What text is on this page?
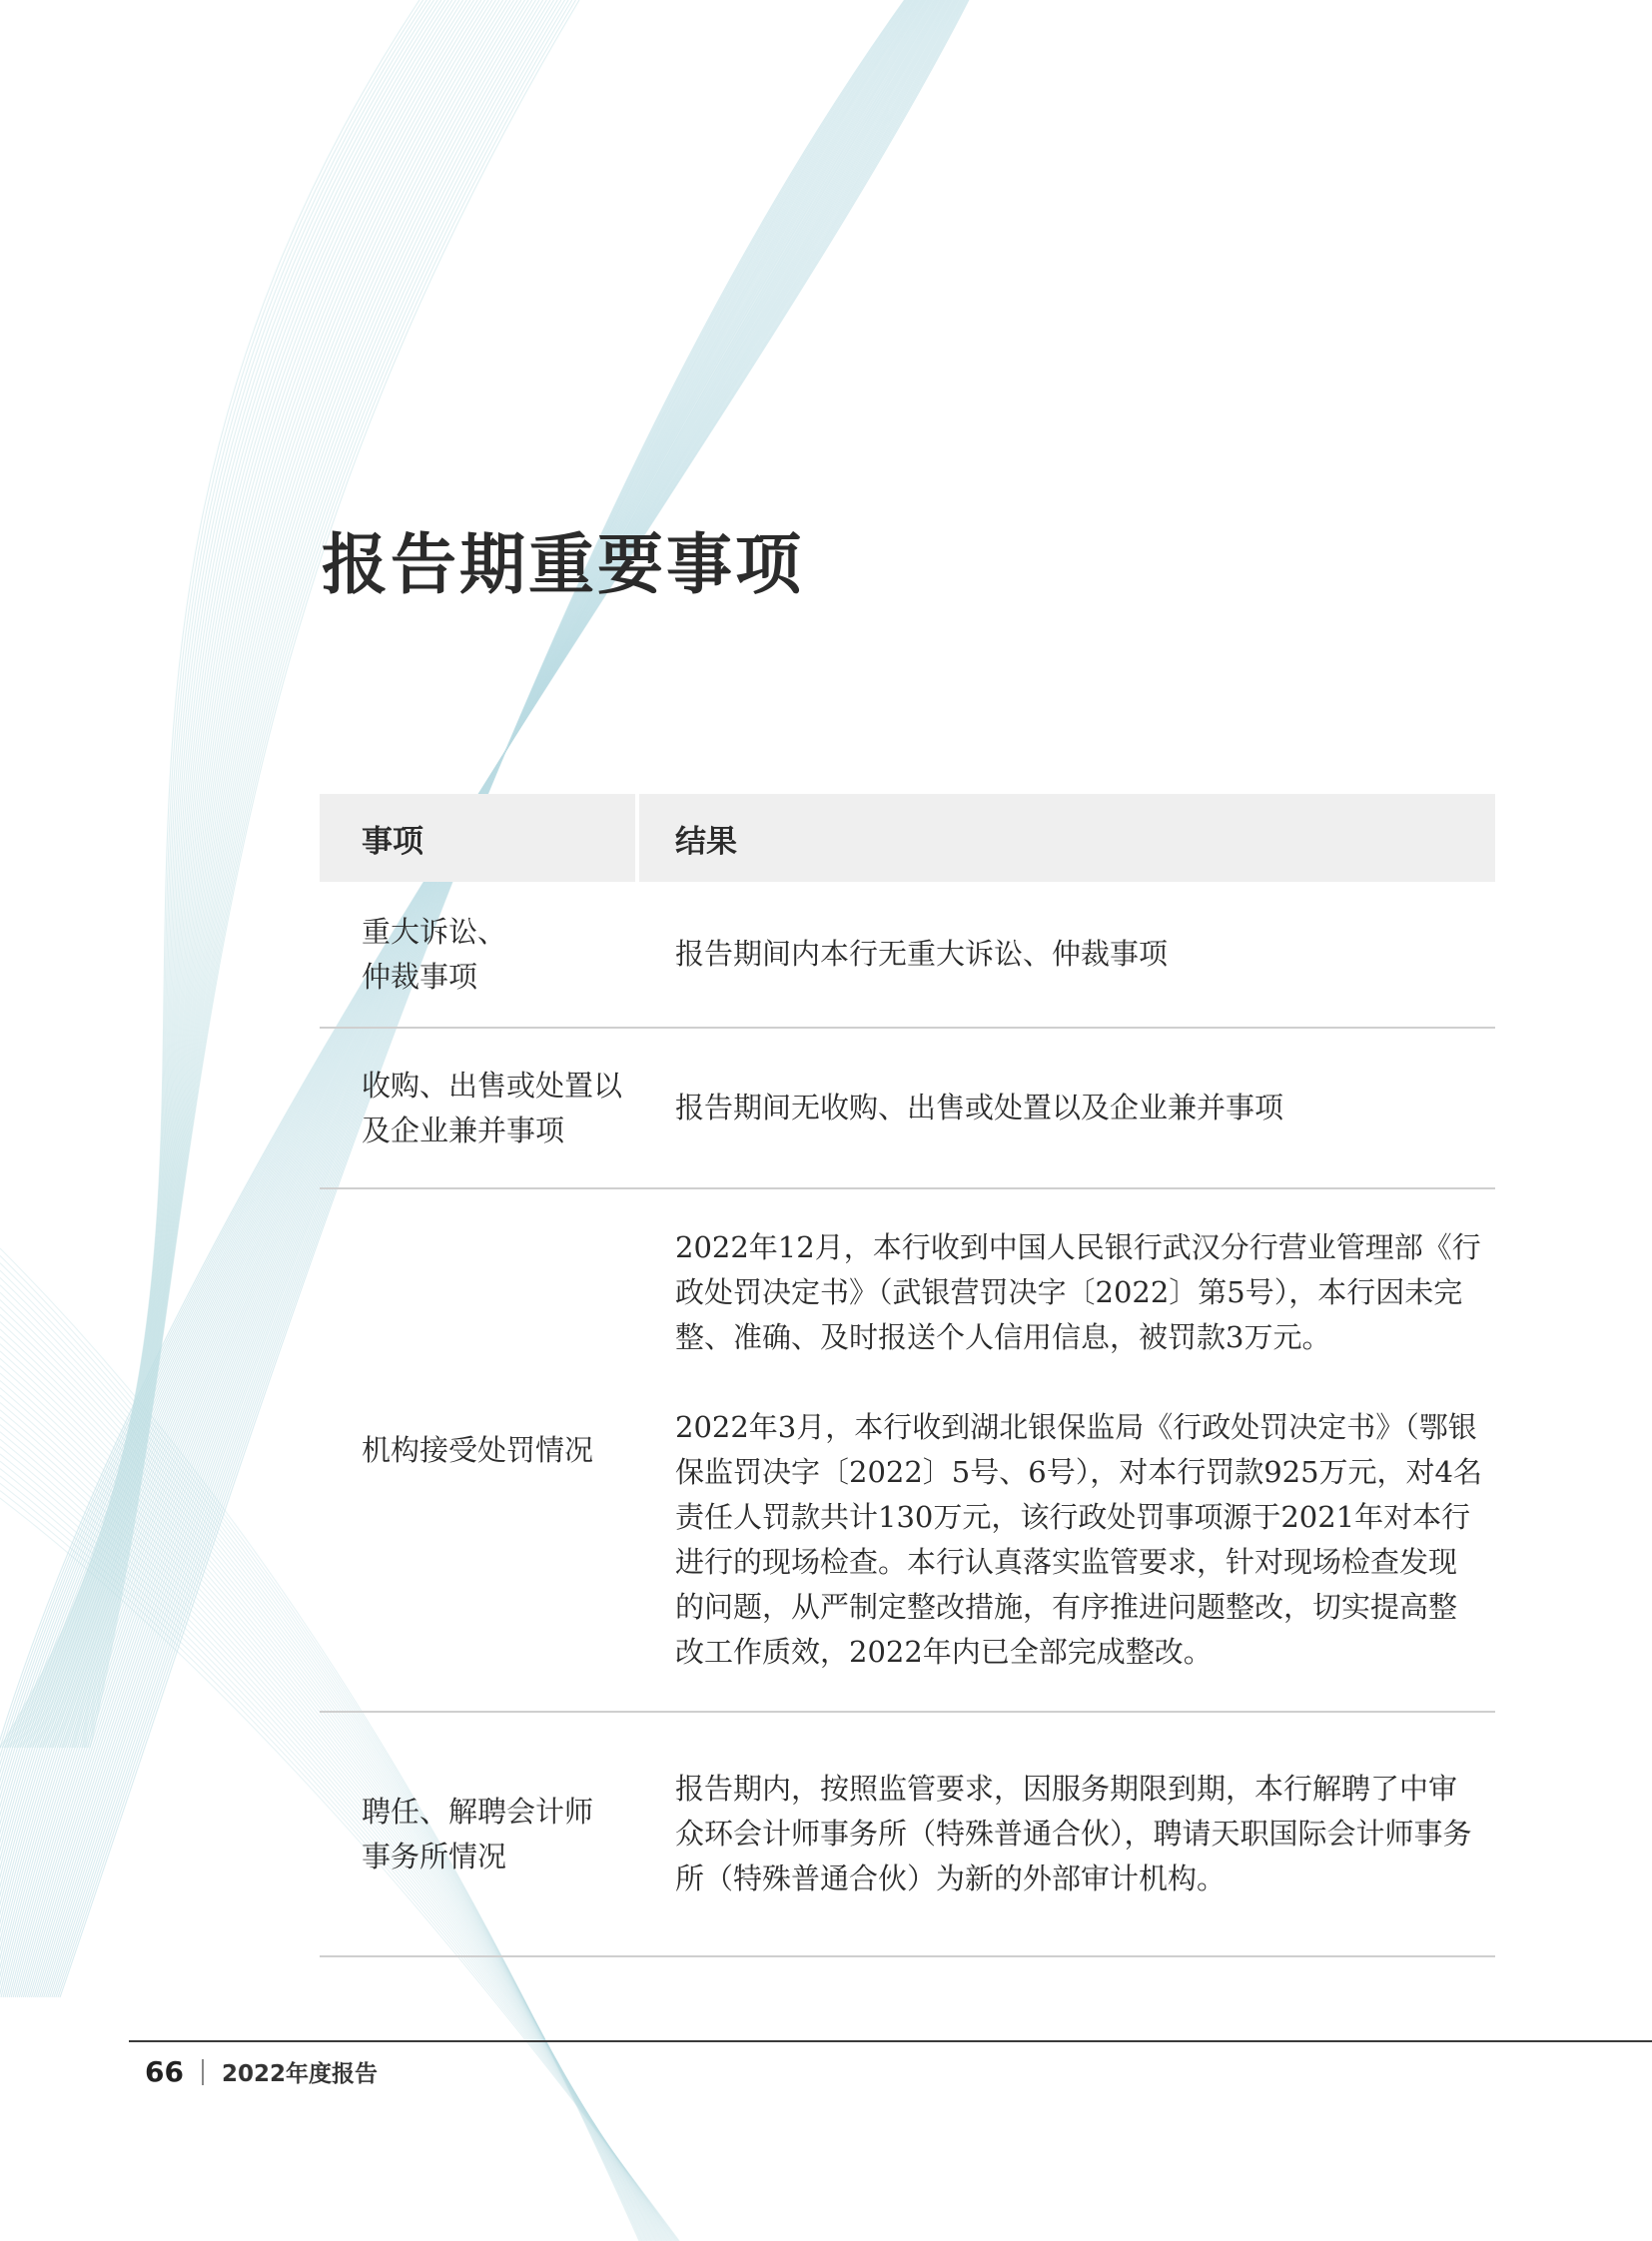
报告期重要事项
事项	结果
重大诉讼、
仲裁事项

报告期间内本行无重大诉讼、仲裁事项

收购、出售或处置以
及企业兼并事项

报告期间无收购、出售或处置以及企业兼并事项

机构接受处罚情况

2022年12月，本行收到中国人民银行武汉分行营业管理部《行政处罚决定书》（武银营罚决字〔2022〕第5号），本行因未完整、准确、及时报送个人信用信息，被罚款3万元。

2022年3月，本行收到湖北银保监局《行政处罚决定书》（鄂银保监罚决字〔2022〕5号、6号），对本行罚款925万元，对4名责任人罚款共计130万元，该行政处罚事项源于2021年对本行进行的现场检查。本行认真落实监管要求，针对现场检查发现的问题，从严制定整改措施，有序推进问题整改，切实提高整改工作质效，2022年内已全部完成整改。

聘任、解聘会计师
事务所情况

报告期内，按照监管要求，因服务期限到期，本行解聘了中审众环会计师事务所（特殊普通合伙），聘请天职国际会计师事务所（特殊普通合伙）为新的外部审计机构。

66 2022年度报告
